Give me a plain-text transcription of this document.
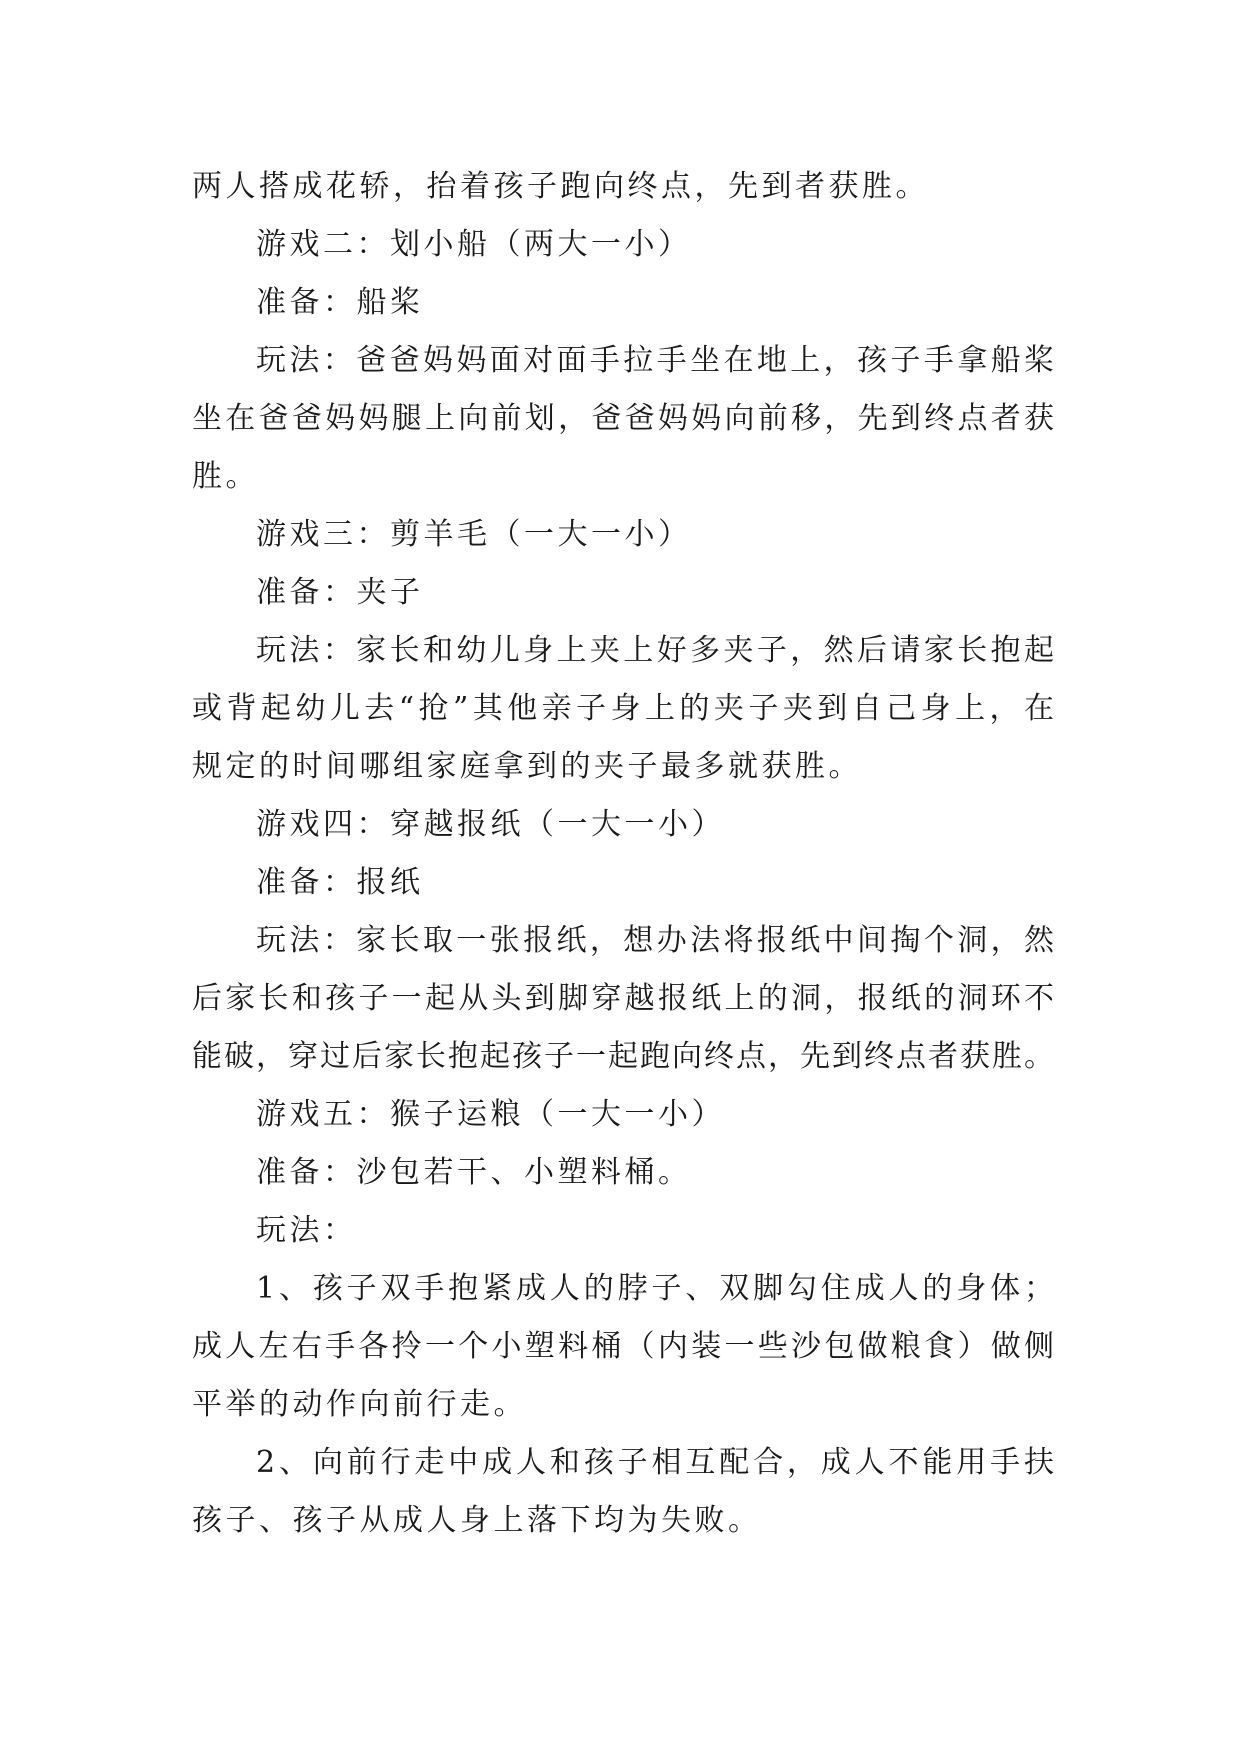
两人搭成花轿，抬着孩子跑向终点，先到者获胜。
游戏二：划小船（两大一小）
准备：船桨
玩法：爸爸妈妈面对面手拉手坐在地上，孩子手拿船桨
坐在爸爸妈妈腿上向前划，爸爸妈妈向前移，先到终点者获
胜。
游戏三：剪羊毛（一大一小）
准备：夹子
玩法：家长和幼儿身上夹上好多夹子，然后请家长抱起
或背起幼儿去“抢”其他亲子身上的夹子夹到自己身上，在
规定的时间哪组家庭拿到的夹子最多就获胜。
游戏四：穿越报纸（一大一小）
准备：报纸
玩法：家长取一张报纸，想办法将报纸中间掏个洞，然
后家长和孩子一起从头到脚穿越报纸上的洞，报纸的洞环不
能破，穿过后家长抱起孩子一起跑向终点，先到终点者获胜。
游戏五：猴子运粮（一大一小）
准备：沙包若干、小塑料桶。
玩法：
1、孩子双手抱紧成人的脖子、双脚勾住成人的身体；
成人左右手各拎一个小塑料桶（内装一些沙包做粮食）做侧
平举的动作向前行走。
2、向前行走中成人和孩子相互配合，成人不能用手扶
孩子、孩子从成人身上落下均为失败。
